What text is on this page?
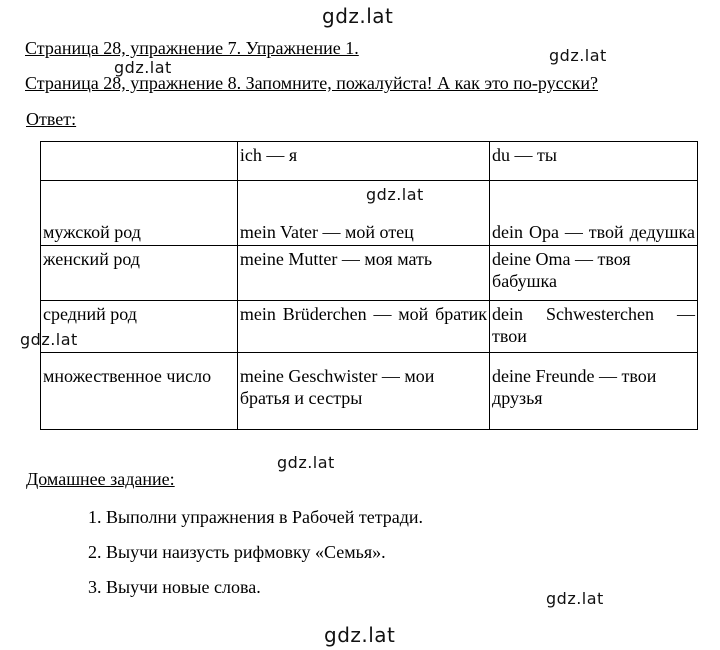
gdz.lat
gdz.lat
gdz.lat
gdz.lat
gdz.lat
gdz.lat
gdz.lat
gdz.lat
Страница 28, упражнение 7. Упражнение 1.
Страница 28, упражнение 8. Запомните, пожалуйста! А как это по-русски?
Ответ:
	ich — я	du — ты
мужской род	mein Vater — мой отец	dein Opa — твой дедушка

женский род	meine Mutter — моя мать	deine Oma — твоя бабушка
средний род	mein Brüderchen — мой братик	dein Schwesterchen — твои

множественное число	meine Geschwister — мои братья и сестры	deine Freunde — твои друзья
Домашнее задание:
1. Выполни упражнения в Рабочей тетради.
2. Выучи наизусть рифмовку «Семья».
3. Выучи новые слова.
